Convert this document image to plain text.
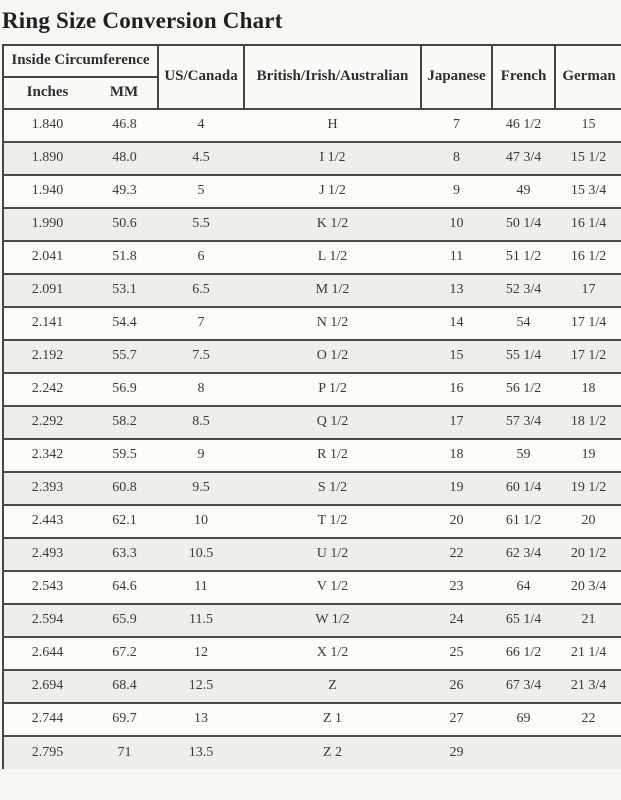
Ring Size Conversion Chart
Inside Circumference		US/Canada	British/Irish/Australian	Japanese	French	German
Inches	MM					
1.840	46.8	4	H	7	46 1/2	15
1.890	48.0	4.5	I 1/2	8	47 3/4	15 1/2
1.940	49.3	5	J 1/2	9	49	15 3/4
1.990	50.6	5.5	K 1/2	10	50 1/4	16 1/4
2.041	51.8	6	L 1/2	11	51 1/2	16 1/2
2.091	53.1	6.5	M 1/2	13	52 3/4	17
2.141	54.4	7	N 1/2	14	54	17 1/4
2.192	55.7	7.5	O 1/2	15	55 1/4	17 1/2
2.242	56.9	8	P 1/2	16	56 1/2	18
2.292	58.2	8.5	Q 1/2	17	57 3/4	18 1/2
2.342	59.5	9	R 1/2	18	59	19
2.393	60.8	9.5	S 1/2	19	60 1/4	19 1/2
2.443	62.1	10	T 1/2	20	61 1/2	20
2.493	63.3	10.5	U 1/2	22	62 3/4	20 1/2
2.543	64.6	11	V 1/2	23	64	20 3/4
2.594	65.9	11.5	W 1/2	24	65 1/4	21
2.644	67.2	12	X 1/2	25	66 1/2	21 1/4
2.694	68.4	12.5	Z	26	67 3/4	21 3/4
2.744	69.7	13	Z 1	27	69	22
2.795	71	13.5	Z 2	29		
